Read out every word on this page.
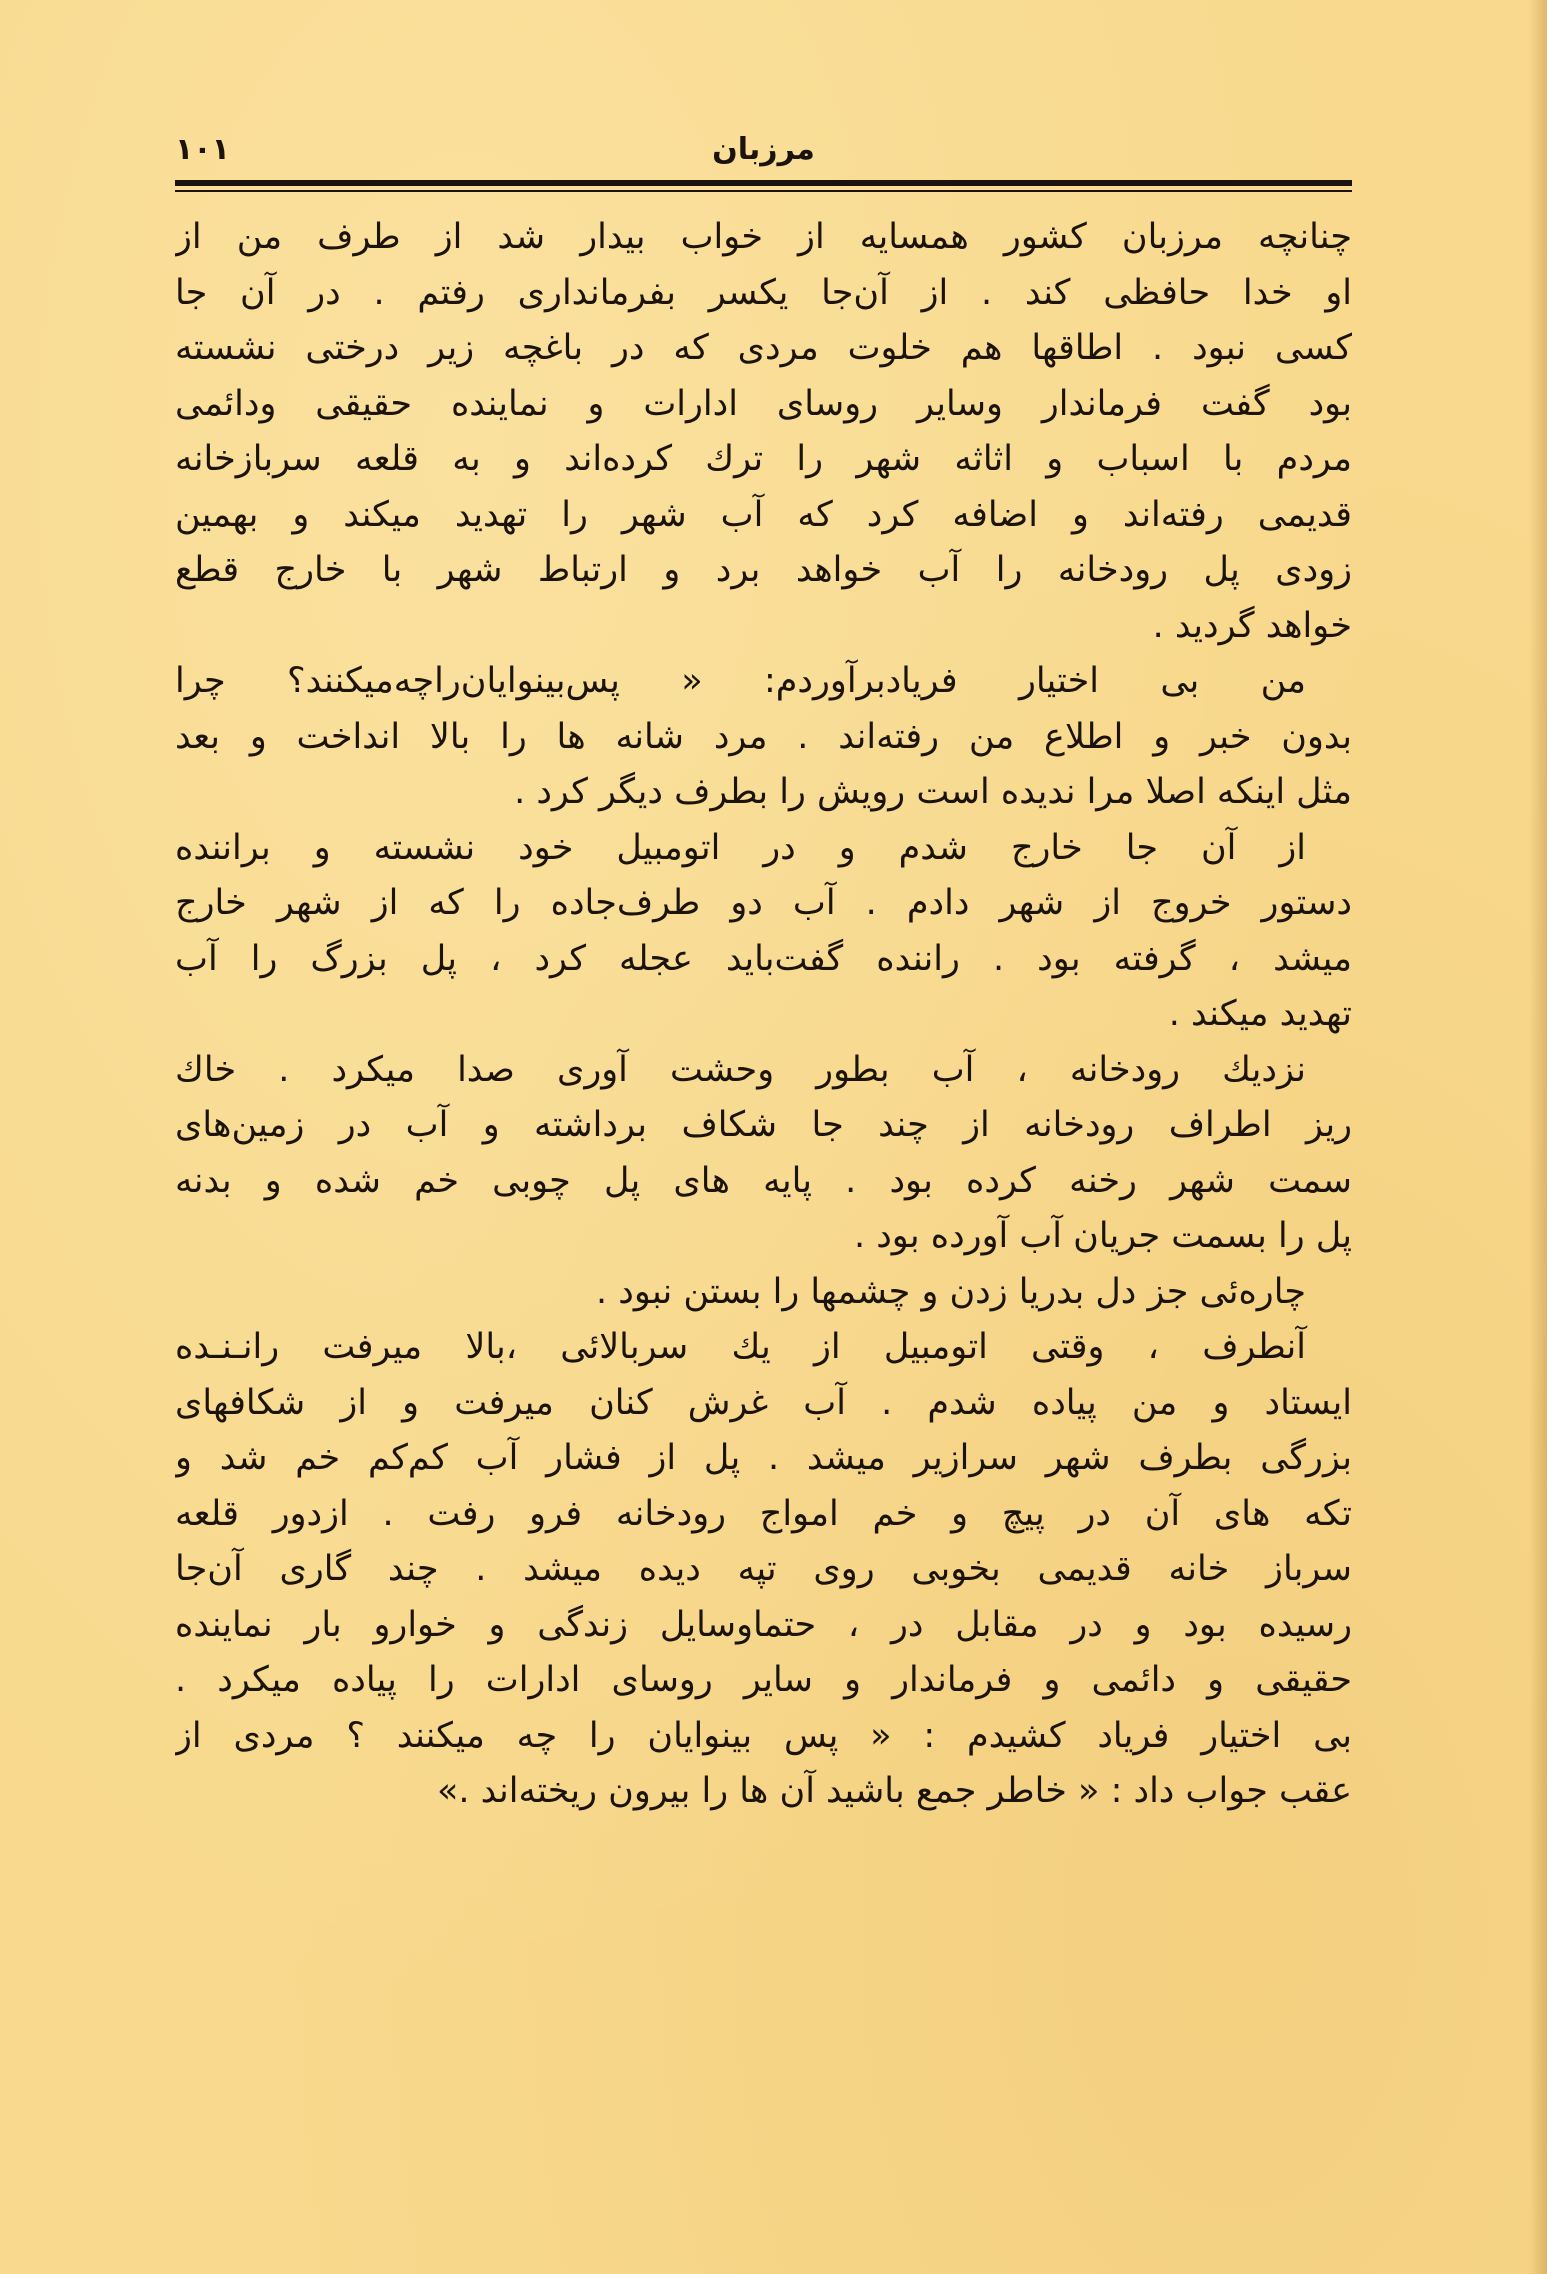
مرزبان
۱۰۱
چنانچه مرزبان کشور همسایه از خواب بیدار شد از طرف من از
او خدا حافظی کند . از آن‌جا یکسر بفرمانداری رفتم . در آن جا
کسی نبود . اطاقها هم خلوت مردی که در باغچه زیر درختی نشسته
بود گفت فرماندار وسایر روسای ادارات و نماینده حقیقی ودائمی
مردم با اسباب و اثاثه شهر را ترك کرده‌اند و به قلعه سربازخانه
قدیمی رفته‌اند و اضافه کرد که آب شهر را تهدید میکند و بهمین
زودی پل رودخانه را آب خواهد برد و ارتباط شهر با خارج قطع
خواهد گردید .
من بی اختیار فریادبرآوردم: « پس‌بینوایان‌راچه‌میکنند؟ چرا
بدون خبر و اطلاع من رفته‌اند . مرد شانه ها را بالا انداخت و بعد
مثل اینکه اصلا مرا ندیده است رویش را بطرف دیگر کرد .
از آن جا خارج شدم و در اتومبیل خود نشسته و براننده
دستور خروج از شهر دادم . آب دو طرف‌جاده را که از شهر خارج
میشد ، گرفته بود . راننده گفت‌باید عجله کرد ، پل بزرگ را آب
تهدید میکند .
نزدیك رودخانه ، آب بطور وحشت آوری صدا میکرد . خاك
ریز اطراف رودخانه از چند جا شکاف برداشته و آب در زمین‌های
سمت شهر رخنه کرده بود . پایه های پل چوبی خم شده و بدنه
پل را بسمت جریان آب آورده بود .
چاره‌ئی جز دل بدریا زدن و چشمها را بستن نبود .
آنطرف ، وقتی اتومبیل از یك سربالائی ،بالا میرفت رانـنـده
ایستاد و من پیاده شدم . آب غرش کنان میرفت و از شکافهای
بزرگی بطرف شهر سرازیر میشد . پل از فشار آب کم‌کم خم شد و
تکه های آن در پیچ و خم امواج رودخانه فرو رفت . ازدور قلعه
سرباز خانه قدیمی بخوبی روی تپه دیده میشد . چند گاری آن‌جا
رسیده بود و در مقابل در ، حتماوسایل زندگی و خوارو بار نماینده
حقیقی و دائمی و فرماندار و سایر روسای ادارات را پیاده میکرد .
بی اختیار فریاد کشیدم : « پس بینوایان را چه میکنند ؟ مردی از
عقب جواب داد : « خاطر جمع باشید آن ها را بیرون ریخته‌اند .»
